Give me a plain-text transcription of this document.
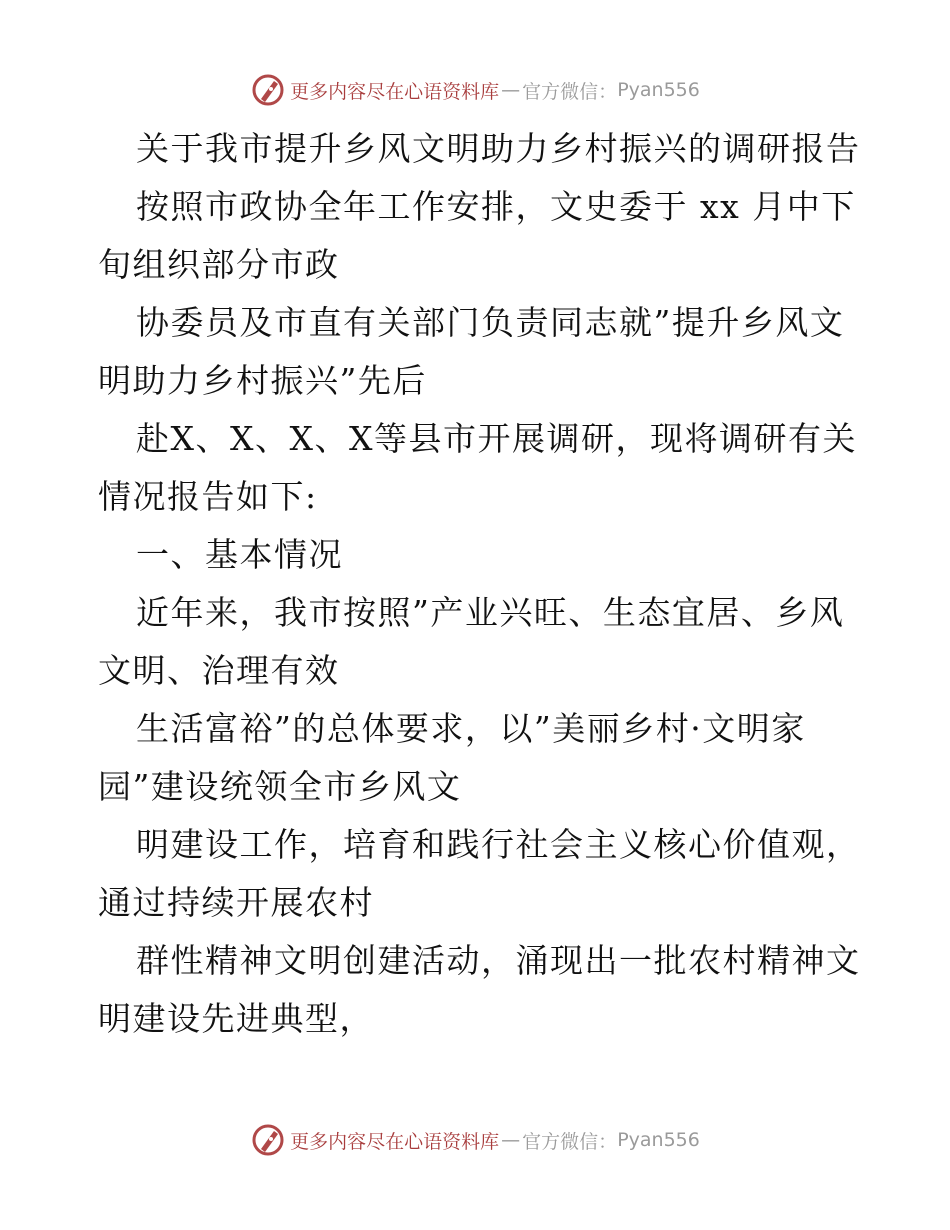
更多内容尽在心语资料库 — 官方微信： Pyan556
关于我市提升乡风文明助力乡村振兴的调研报告
按照市政协全年工作安排，文史委于 xx 月中下
旬组织部分市政
协委员及市直有关部门负责同志就”提升乡风文
明助力乡村振兴”先后
赴X、X、X、X等县市开展调研，现将调研有关
情况报告如下:
一、基本情况
近年来，我市按照”产业兴旺、生态宜居、乡风
文明、治理有效
生活富裕”的总体要求，以”美丽乡村·文明家
园”建设统领全市乡风文
明建设工作，培育和践行社会主义核心价值观，
通过持续开展农村
群性精神文明创建活动，涌现出一批农村精神文
明建设先进典型，
更多内容尽在心语资料库 — 官方微信： Pyan556
